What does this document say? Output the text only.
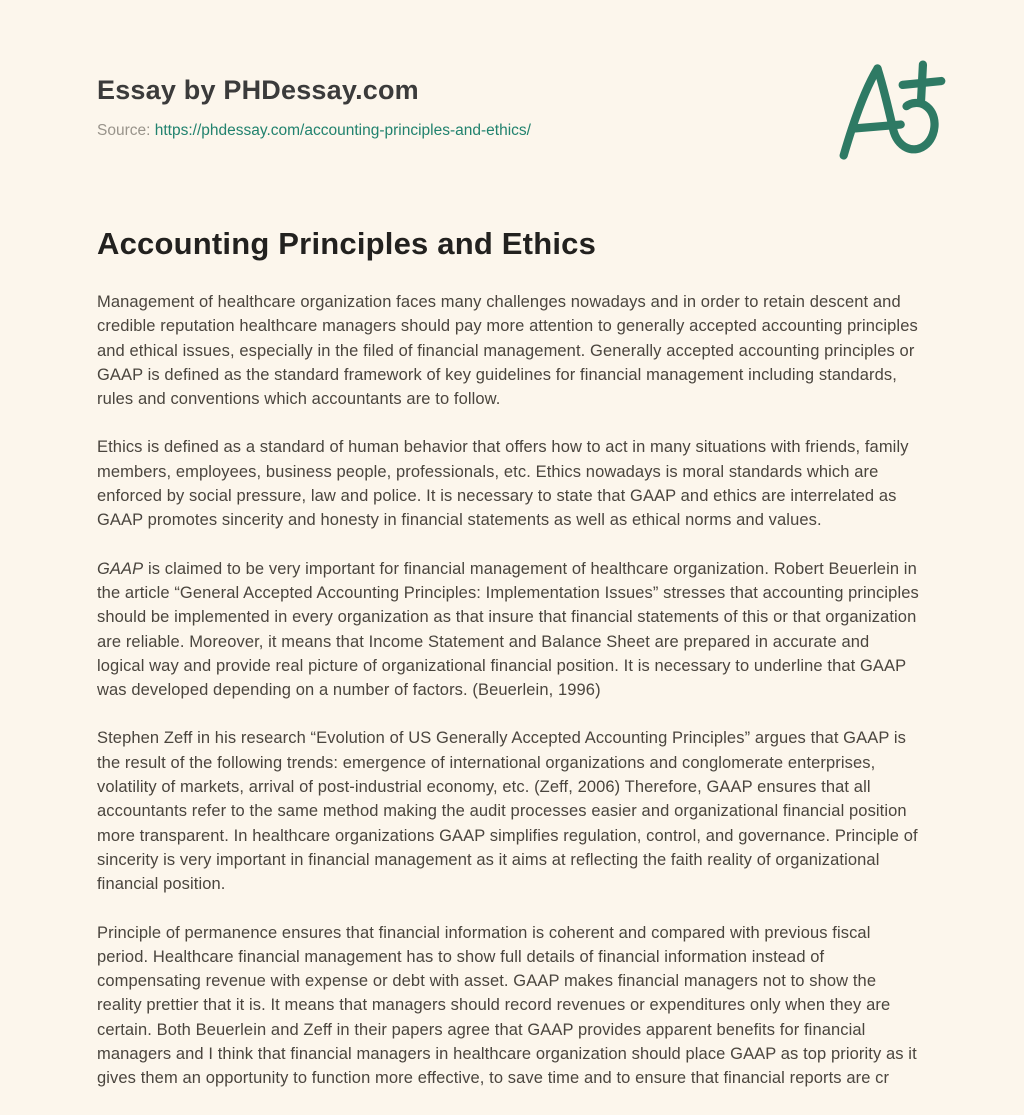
Essay by PHDessay.com
Source: https://phdessay.com/accounting-principles-and-ethics/
Accounting Principles and Ethics

Management of healthcare organization faces many challenges nowadays and in order to retain descent and credible reputation healthcare managers should pay more attention to generally accepted accounting principles and ethical issues, especially in the filed of financial management. Generally accepted accounting principles or GAAP is defined as the standard framework of key guidelines for financial management including standards, rules and conventions which accountants are to follow.

Ethics is defined as a standard of human behavior that offers how to act in many situations with friends, family members, employees, business people, professionals, etc. Ethics nowadays is moral standards which are enforced by social pressure, law and police. It is necessary to state that GAAP and ethics are interrelated as GAAP promotes sincerity and honesty in financial statements as well as ethical norms and values.

GAAP is claimed to be very important for financial management of healthcare organization. Robert Beuerlein in the article “General Accepted Accounting Principles: Implementation Issues” stresses that accounting principles should be implemented in every organization as that insure that financial statements of this or that organization are reliable. Moreover, it means that Income Statement and Balance Sheet are prepared in accurate and logical way and provide real picture of organizational financial position. It is necessary to underline that GAAP was developed depending on a number of factors. (Beuerlein, 1996)

Stephen Zeff in his research “Evolution of US Generally Accepted Accounting Principles” argues that GAAP is the result of the following trends: emergence of international organizations and conglomerate enterprises, volatility of markets, arrival of post-industrial economy, etc. (Zeff, 2006) Therefore, GAAP ensures that all accountants refer to the same method making the audit processes easier and organizational financial position more transparent. In healthcare organizations GAAP simplifies regulation, control, and governance. Principle of sincerity is very important in financial management as it aims at reflecting the faith reality of organizational financial position.

Principle of permanence ensures that financial information is coherent and compared with previous fiscal period. Healthcare financial management has to show full details of financial information instead of compensating revenue with expense or debt with asset. GAAP makes financial managers not to show the reality prettier that it is. It means that managers should record revenues or expenditures only when they are certain. Both Beuerlein and Zeff in their papers agree that GAAP provides apparent benefits for financial managers and I think that financial managers in healthcare organization should place GAAP as top priority as it gives them an opportunity to function more effective, to save time and to ensure that financial reports are cr
